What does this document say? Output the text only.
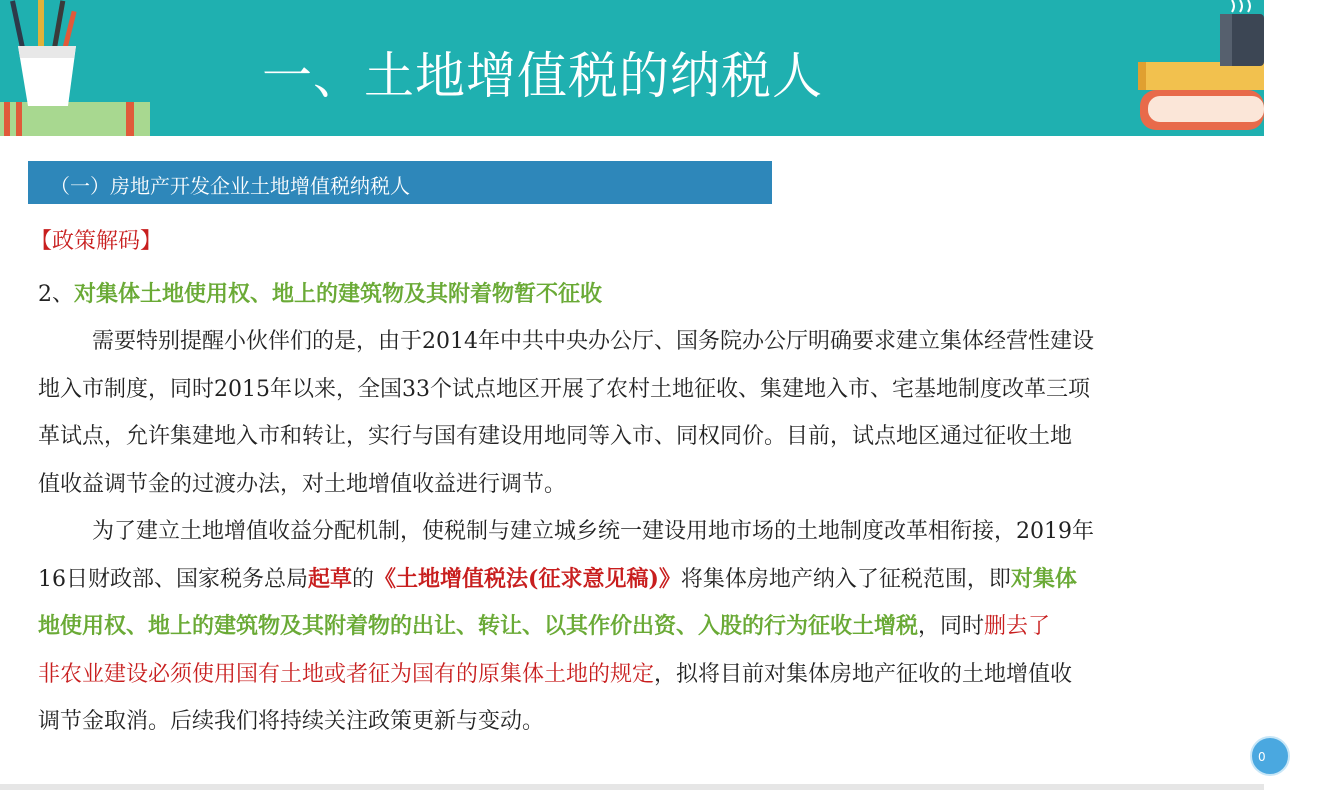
一、土地增值税的纳税人
（一）房地产开发企业土地增值税纳税人
【政策解码】
2、对集体土地使用权、地上的建筑物及其附着物暂不征收
需要特别提醒小伙伴们的是，由于2014年中共中央办公厅、国务院办公厅明确要求建立集体经营性建设
地入市制度，同时2015年以来，全国33个试点地区开展了农村土地征收、集建地入市、宅基地制度改革三项
革试点，允许集建地入市和转让，实行与国有建设用地同等入市、同权同价。目前，试点地区通过征收土地
值收益调节金的过渡办法，对土地增值收益进行调节。
为了建立土地增值收益分配机制，使税制与建立城乡统一建设用地市场的土地制度改革相衔接，2019年
16日财政部、国家税务总局起草的《土地增值税法(征求意见稿)》将集体房地产纳入了征税范围，即对集体
地使用权、地上的建筑物及其附着物的出让、转让、以其作价出资、入股的行为征收土增税，同时删去了
非农业建设必须使用国有土地或者征为国有的原集体土地的规定，拟将目前对集体房地产征收的土地增值收
调节金取消。后续我们将持续关注政策更新与变动。
0
